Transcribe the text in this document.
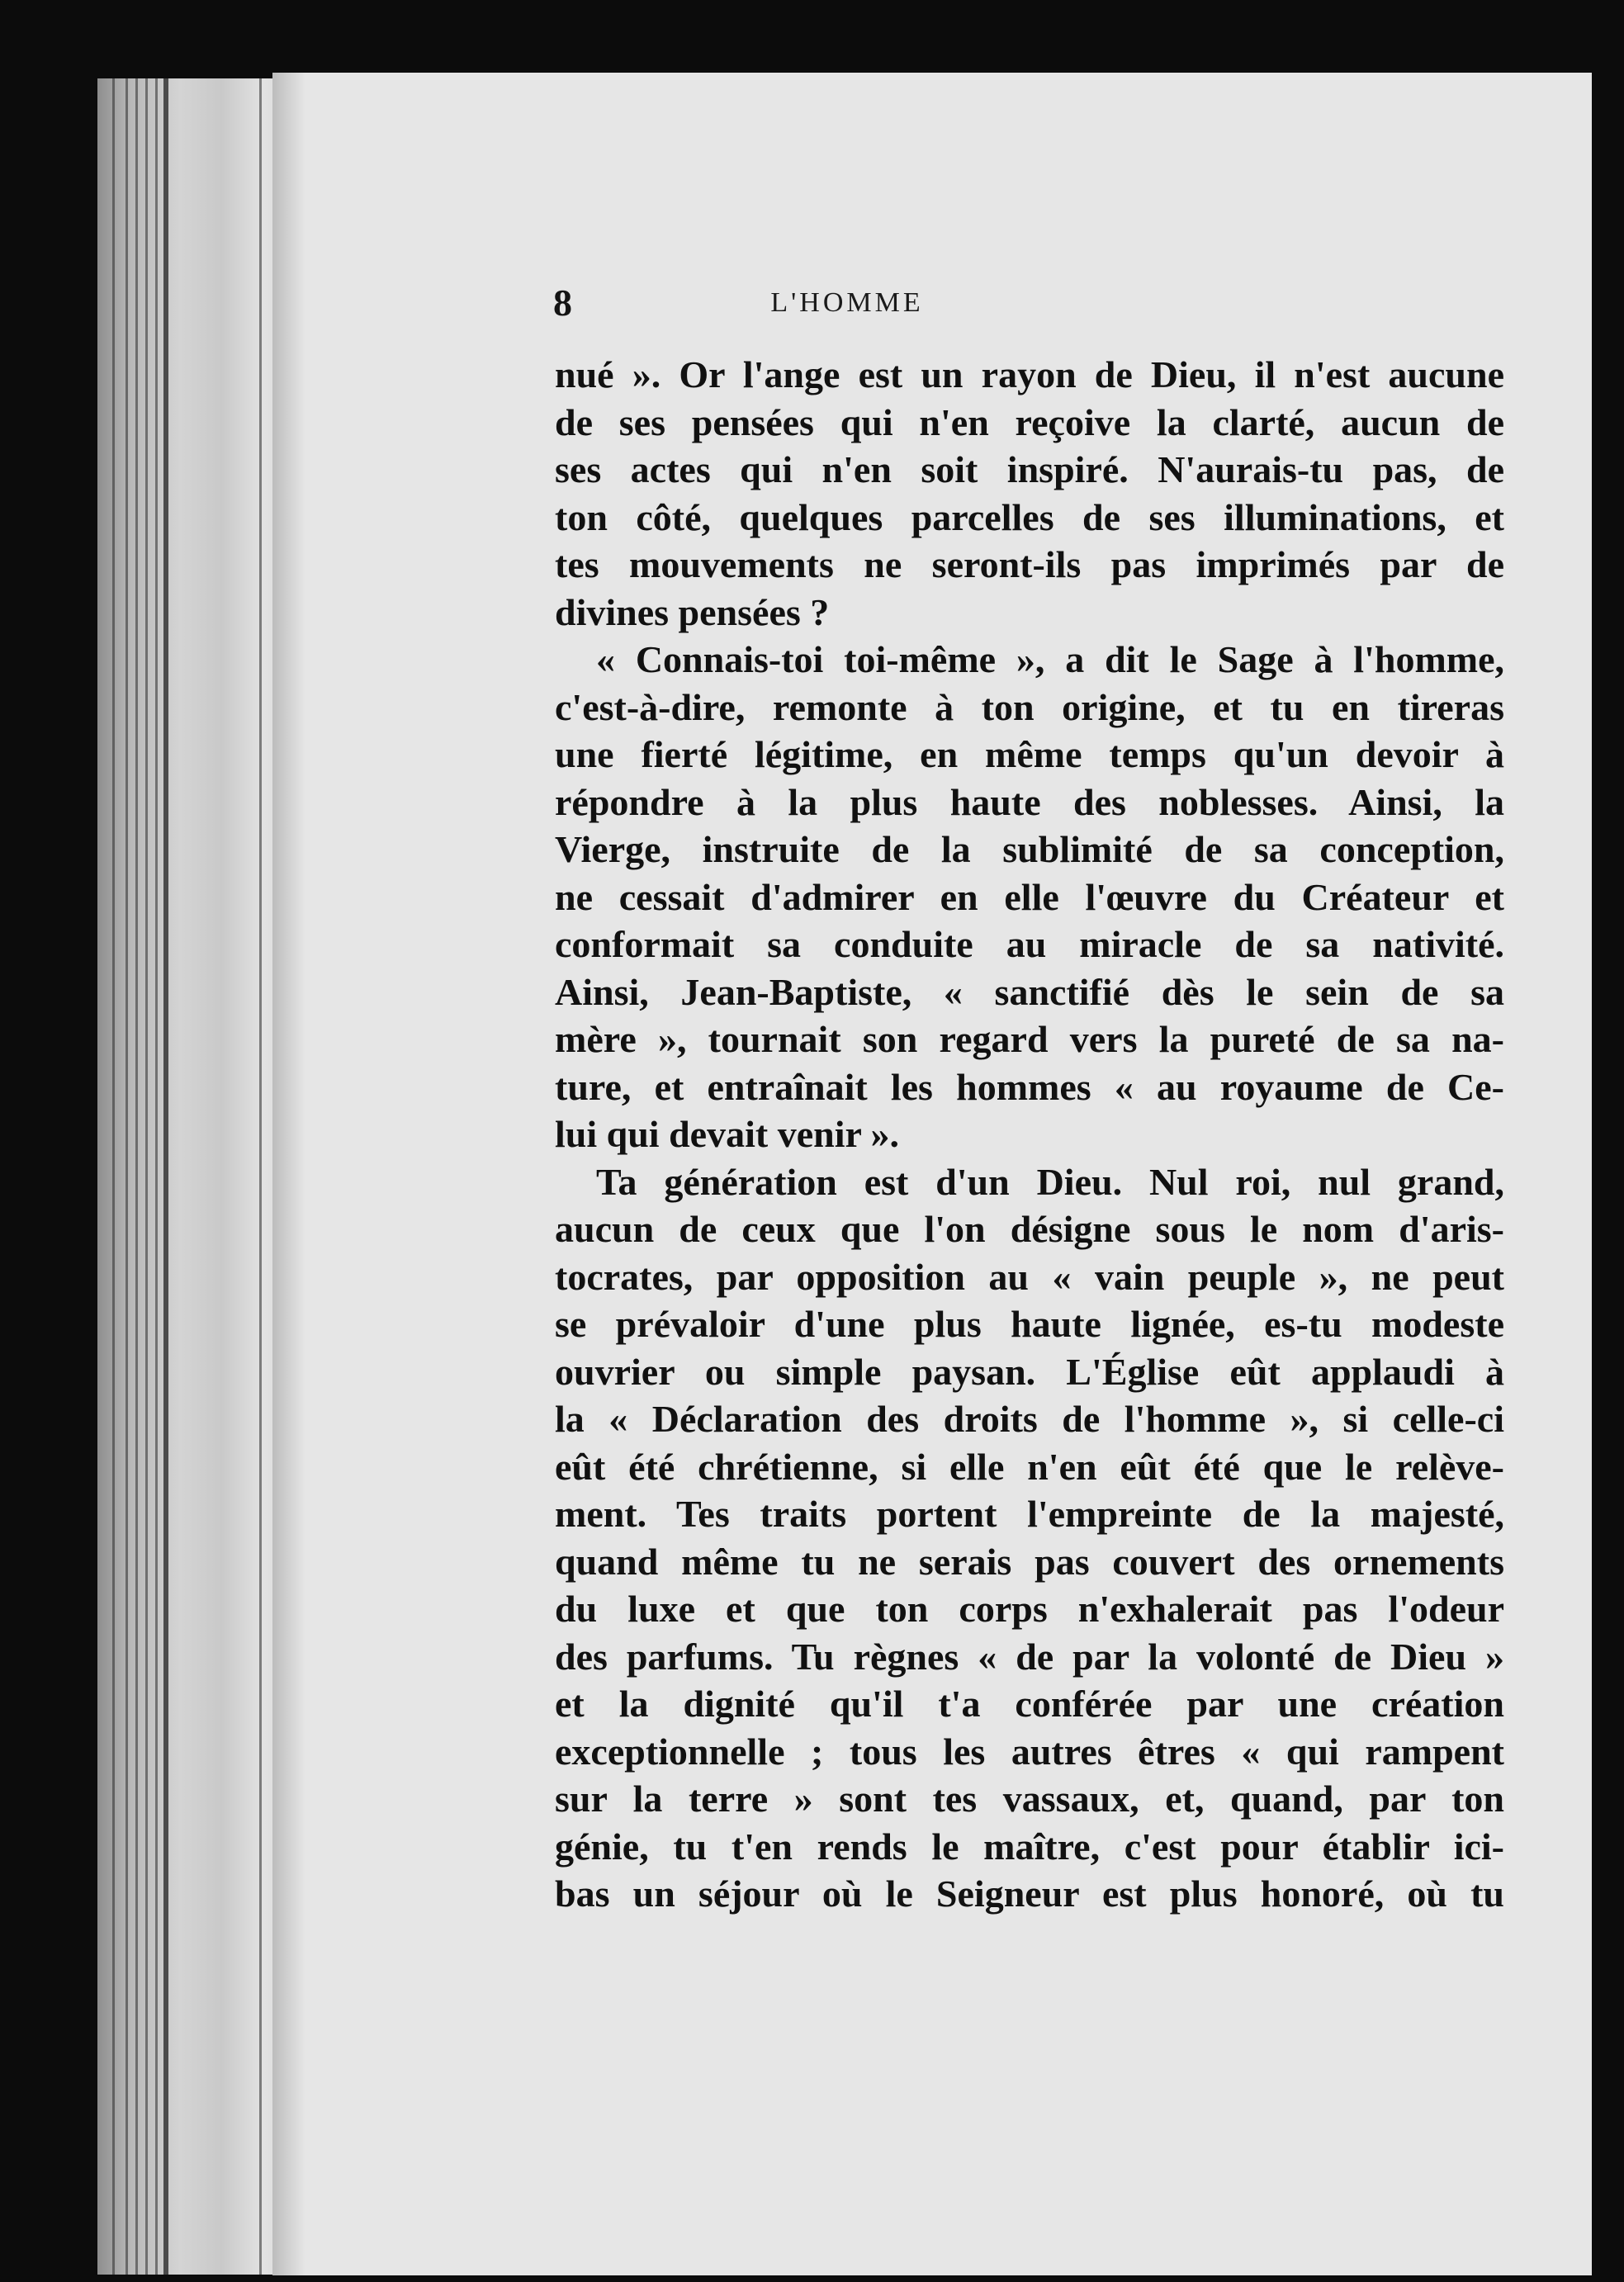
8	L'HOMME
nué ». Or l'ange est un rayon de Dieu, il n'est aucune
de ses pensées qui n'en reçoive la clarté, aucun de
ses actes qui n'en soit inspiré. N'aurais-tu pas, de
ton côté, quelques parcelles de ses illuminations, et
tes mouvements ne seront-ils pas imprimés par de
divines pensées ?
« Connais-toi toi-même », a dit le Sage à l'homme,
c'est-à-dire, remonte à ton origine, et tu en tireras
une fierté légitime, en même temps qu'un devoir à
répondre à la plus haute des noblesses. Ainsi, la
Vierge, instruite de la sublimité de sa conception,
ne cessait d'admirer en elle l'œuvre du Créateur et
conformait sa conduite au miracle de sa nativité.
Ainsi, Jean-Baptiste, « sanctifié dès le sein de sa
mère », tournait son regard vers la pureté de sa na-
ture, et entraînait les hommes « au royaume de Ce-
lui qui devait venir ».
Ta génération est d'un Dieu. Nul roi, nul grand,
aucun de ceux que l'on désigne sous le nom d'aris-
tocrates, par opposition au « vain peuple », ne peut
se prévaloir d'une plus haute lignée, es-tu modeste
ouvrier ou simple paysan. L'Église eût applaudi à
la « Déclaration des droits de l'homme », si celle-ci
eût été chrétienne, si elle n'en eût été que le relève-
ment. Tes traits portent l'empreinte de la majesté,
quand même tu ne serais pas couvert des ornements
du luxe et que ton corps n'exhalerait pas l'odeur
des parfums. Tu règnes « de par la volonté de Dieu »
et la dignité qu'il t'a conférée par une création
exceptionnelle ; tous les autres êtres « qui rampent
sur la terre » sont tes vassaux, et, quand, par ton
génie, tu t'en rends le maître, c'est pour établir ici-
bas un séjour où le Seigneur est plus honoré, où tu
